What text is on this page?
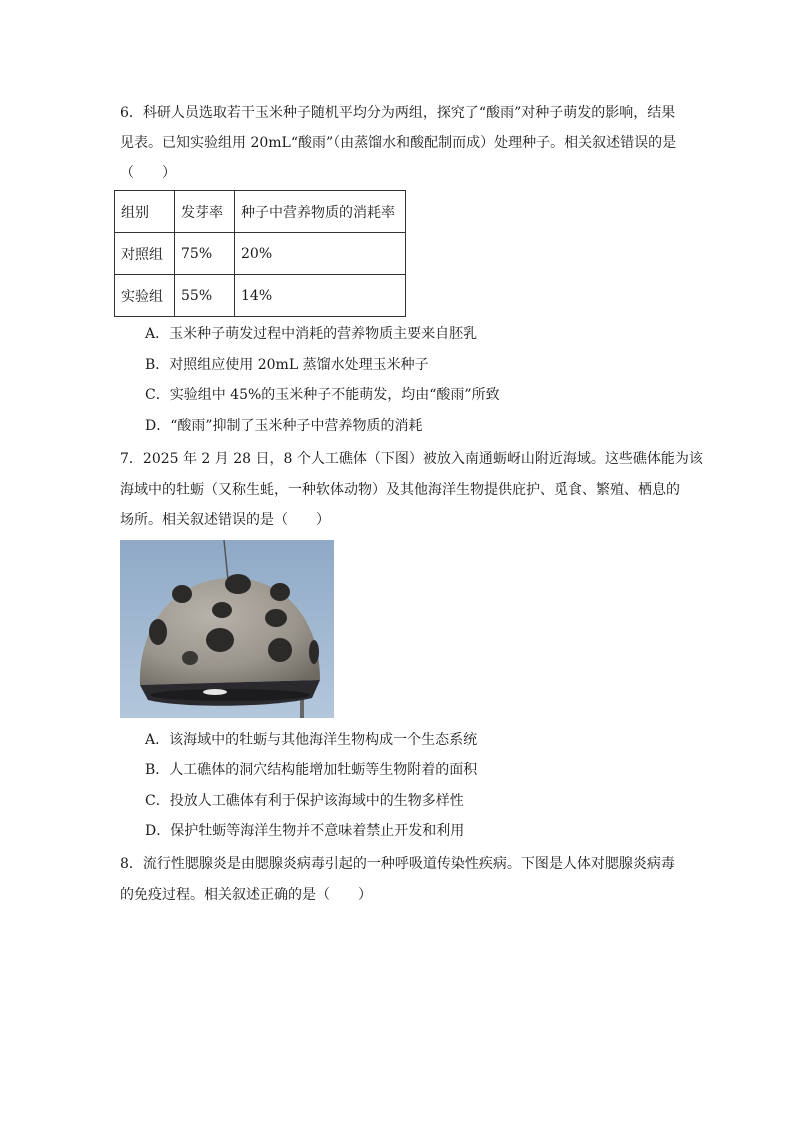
6．科研人员选取若干玉米种子随机平均分为两组，探究了“酸雨”对种子萌发的影响，结果
见表。已知实验组用 20mL“酸雨”（由蒸馏水和酸配制而成）处理种子。相关叙述错误的是
（　　）
组别	发芽率	种子中营养物质的消耗率
对照组	75%	20%
实验组	55%	14%
A．玉米种子萌发过程中消耗的营养物质主要来自胚乳
B．对照组应使用 20mL 蒸馏水处理玉米种子
C．实验组中 45%的玉米种子不能萌发，均由“酸雨”所致
D．“酸雨”抑制了玉米种子中营养物质的消耗
7．2025 年 2 月 28 日，8 个人工礁体（下图）被放入南通蛎岈山附近海域。这些礁体能为该
海域中的牡蛎（又称生蚝，一种软体动物）及其他海洋生物提供庇护、觅食、繁殖、栖息的
场所。相关叙述错误的是（　　）
A．该海域中的牡蛎与其他海洋生物构成一个生态系统
B．人工礁体的洞穴结构能增加牡蛎等生物附着的面积
C．投放人工礁体有利于保护该海域中的生物多样性
D．保护牡蛎等海洋生物并不意味着禁止开发和利用
8．流行性腮腺炎是由腮腺炎病毒引起的一种呼吸道传染性疾病。下图是人体对腮腺炎病毒
的免疫过程。相关叙述正确的是（　　）
